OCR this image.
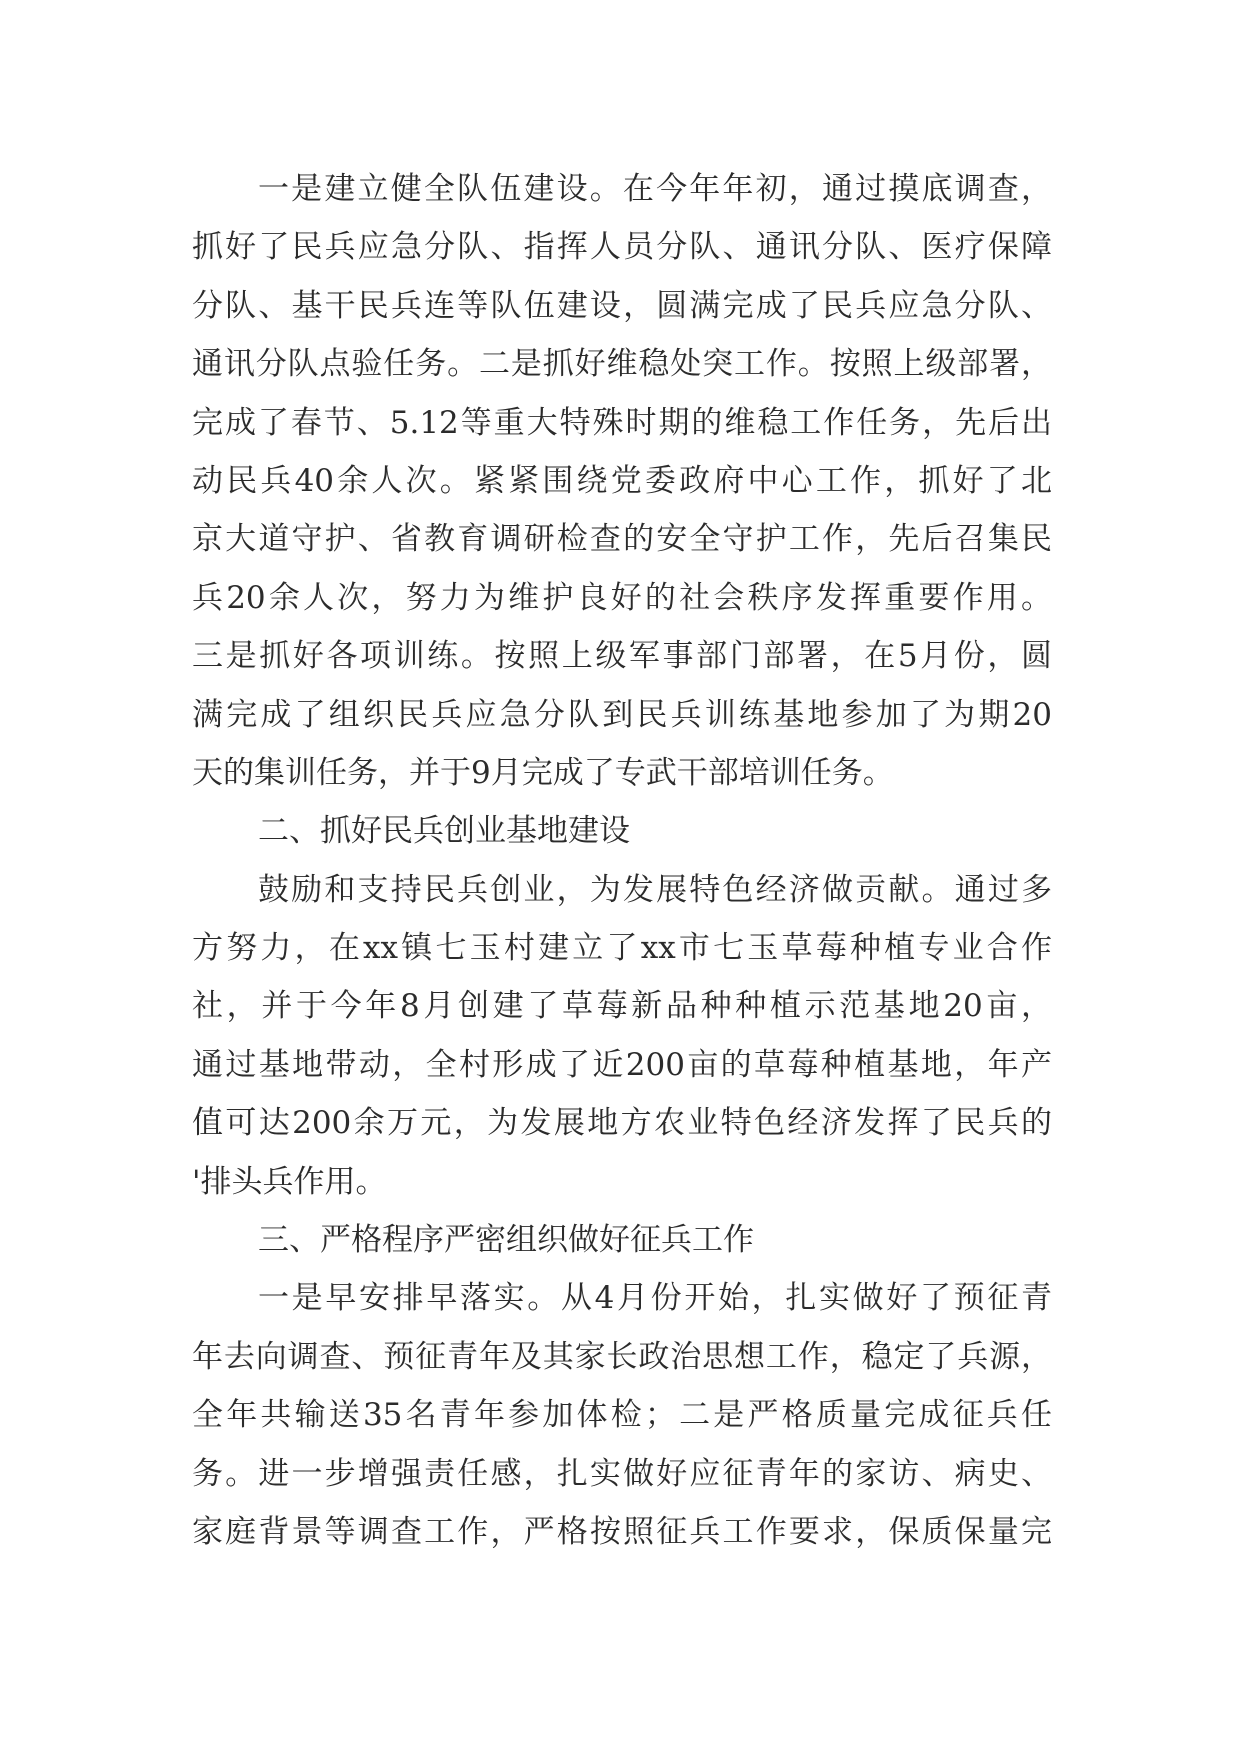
一是建立健全队伍建设。在今年年初，通过摸底调查，
抓好了民兵应急分队、指挥人员分队、通讯分队、医疗保障
分队、基干民兵连等队伍建设，圆满完成了民兵应急分队、
通讯分队点验任务。二是抓好维稳处突工作。按照上级部署，
完成了春节、5.12等重大特殊时期的维稳工作任务，先后出
动民兵40余人次。紧紧围绕党委政府中心工作，抓好了北
京大道守护、省教育调研检查的安全守护工作，先后召集民
兵20余人次，努力为维护良好的社会秩序发挥重要作用。
三是抓好各项训练。按照上级军事部门部署，在5月份，圆
满完成了组织民兵应急分队到民兵训练基地参加了为期20
天的集训任务，并于9月完成了专武干部培训任务。
二、抓好民兵创业基地建设
鼓励和支持民兵创业，为发展特色经济做贡献。通过多
方努力，在xx镇七玉村建立了xx市七玉草莓种植专业合作
社，并于今年8月创建了草莓新品种种植示范基地20亩，
通过基地带动，全村形成了近200亩的草莓种植基地，年产
值可达200余万元，为发展地方农业特色经济发挥了民兵的
'排头兵作用。
三、严格程序严密组织做好征兵工作
一是早安排早落实。从4月份开始，扎实做好了预征青
年去向调查、预征青年及其家长政治思想工作，稳定了兵源，
全年共输送35名青年参加体检；二是严格质量完成征兵任
务。进一步增强责任感，扎实做好应征青年的家访、病史、
家庭背景等调查工作，严格按照征兵工作要求，保质保量完
